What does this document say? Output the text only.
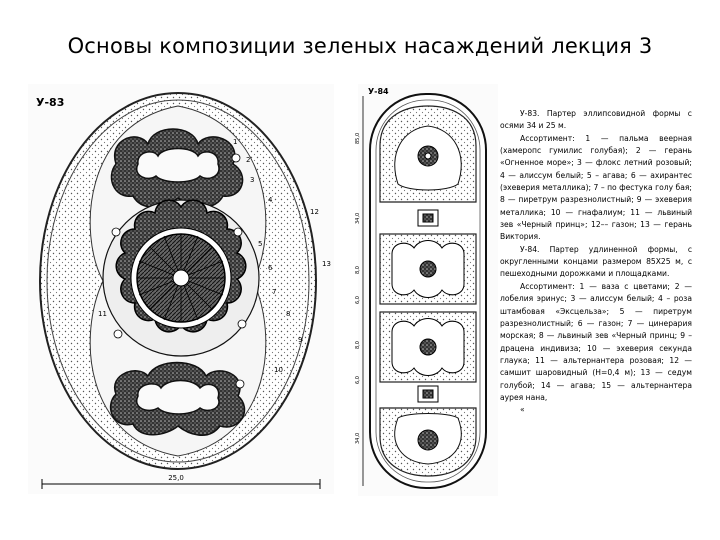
Основы композиции зеленых насаждений лекция 3
1
2
3
4
5
6
7
8
9
10
11
12
13
25,0
У-83
85,0
34,0
8,0
6,0
8,0
6,0
34,0
У-84

У-83. Партер эллипсовидной формы с осями 34 и 25 м.

Ассортимент: 1 — пальма веерная (хамеропс гумилис голубая); 2 — герань «Огненное море»; 3 — флокс летний розовый; 4 — алиссум белый; 5 – агава; 6 — ахирантес (эхеверия металлика); 7 – по фестука голу бая; 8 — пиретрум разрезнолистный; 9 — эхеверия металлика; 10 — гнафалиум; 11 — львиный зев «Черный принц»; 12–– газон; 13 — герань Виктория.

У-84. Партер удлиненной формы, с округленными концами размером 85Х25 м, с пешеходными дорожками и площадками.

Ассортимент: 1 — ваза с цветами; 2 — лобелия эринус; 3 — алиссум белый; 4 – роза штамбовая «Эксцельза»; 5 — пиретрум разрезнолистный; 6 — газон; 7 — цинерария морская; 8 — львиный зев «Черный принц; 9 – драцена индивиза; 10 — эхеверия секунда глаука; 11 — альтернантера розовая; 12 — самшит шаровидный (Н=0,4 м); 13 — седум голубой; 14 — агава; 15 — альтернантера аурея нана,

«
